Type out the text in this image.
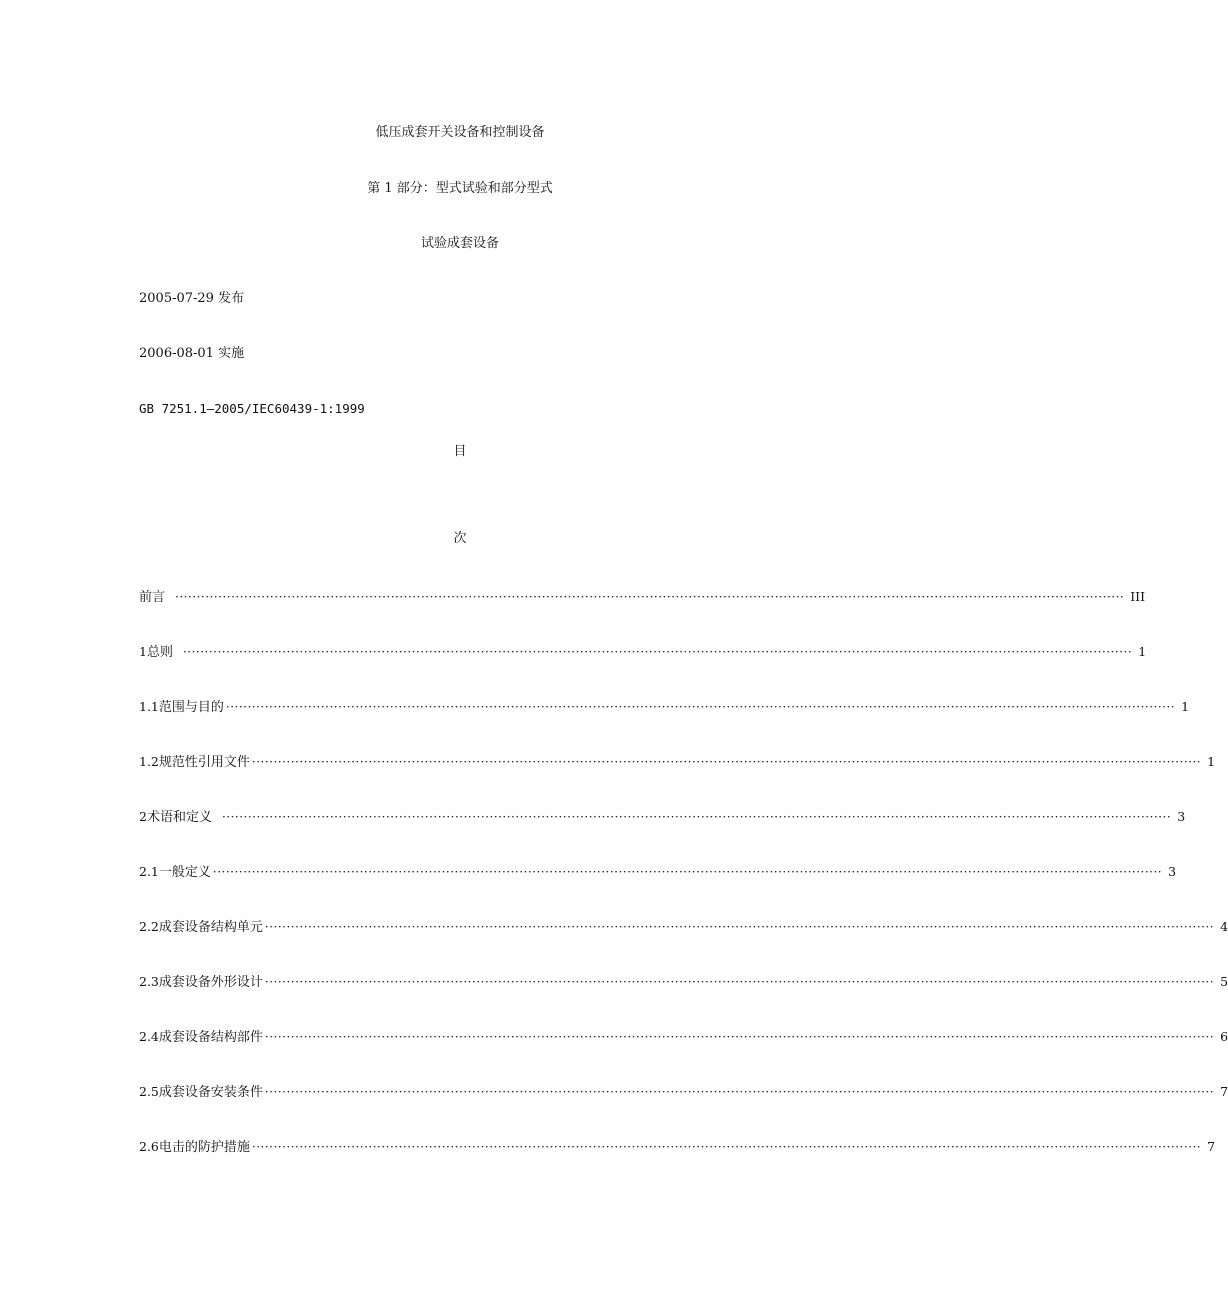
低压成套开关设备和控制设备
第 1 部分：型式试验和部分型式
试验成套设备
2005-07-29 发布
2006-08-01 实施
GB 7251.1—2005/IEC60439-1:1999
目
次
前言 ···························································································································································································································· III
1 总则 ···························································································································································································································· 1
1.1 范围与目的 ···························································································································································································································· 1
1.2 规范性引用文件 ···························································································································································································································· 1
2 术语和定义 ···························································································································································································································· 3
2.1 一般定义 ···························································································································································································································· 3
2.2 成套设备结构单元 ···························································································································································································································· 4
2.3 成套设备外形设计 ···························································································································································································································· 5
2.4 成套设备结构部件 ···························································································································································································································· 6
2.5 成套设备安装条件 ···························································································································································································································· 7
2.6 电击的防护措施 ···························································································································································································································· 7
